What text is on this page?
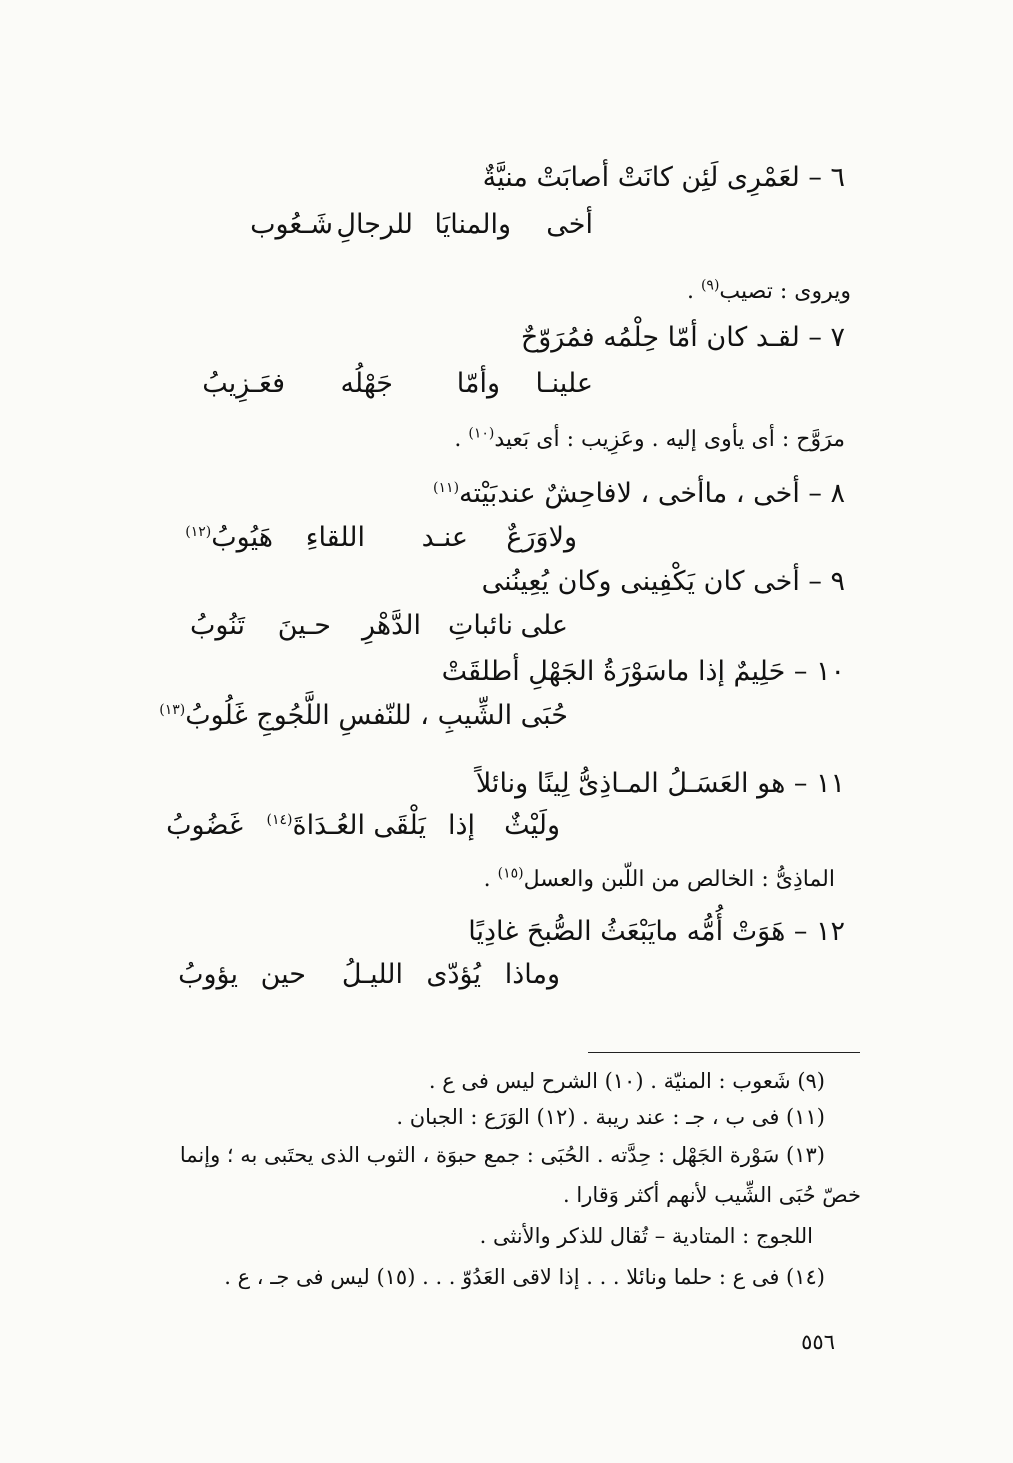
٦ – لعَمْرِى لَئِن كانَتْ أصابَتْ منيَّةٌ
أخى
والمنايَا
للرجالِ
شَـعُوب
ويروى : تصيب$^{(٩)}$ .
٧ – لقـد كان أمّا حِلْمُه فمُرَوّحٌ
علينـا
وأمّا
جَهْلُه
فعَـزِيبُ
مرَوَّح : أى يأوى إليه . وعَزِيب : أى بَعيد$^{(١٠)}$ .
٨ – أخى ، ماأخى ، لافاحِشٌ عندبَيْته$^{(١١)}$
ولاوَرَعٌ
عنـد
اللقاءِ
هَيُوبُ$^{(١٢)}$
٩ – أخى كان يَكْفِينى وكان يُعِينُنى
على
نائباتِ
الدَّهْرِ
حـينَ
تَنُوبُ
١٠ – حَلِيمٌ إذا ماسَوْرَةُ الجَهْلِ أطلقَتْ
حُبَى الشِّيبِ ، للنّفسِ اللَّجُوجِ غَلُوبُ$^{(١٣)}$
١١ – هو العَسَـلُ المـاذِىُّ لِينًا ونائلاً
ولَيْثٌ
إذا
يَلْقَى
العُـدَاةَ$^{(١٤)}$
غَضُوبُ
الماذِىُّ : الخالص من اللّبن والعسل$^{(١٥)}$ .
١٢ – هَوَتْ أُمُّه مايَبْعَثُ الصُّبحَ غادِيًا
وماذا
يُؤدّى
الليـلُ
حين
يؤوبُ
(٩) شَعوب : المنيّة . (١٠) الشرح ليس فى ع .
(١١) فى ب ، جـ : عند ريبة . (١٢) الوَرَع : الجبان .
(١٣) سَوْرة الجَهْل : حِدَّته . الحُبَى : جمع حبوَة ، الثوب الذى يحتَبى به ؛ وإنما
خصّ حُبَى الشِّيب لأنهم أكثر وَقارا .
اللجوج : المتادية – تُقال للذكر والأنثى .
(١٤) فى ع : حلما ونائلا . . . إذا لاقى العَدُوّ . . . (١٥) ليس فى جـ ، ع .
٥٥٦
